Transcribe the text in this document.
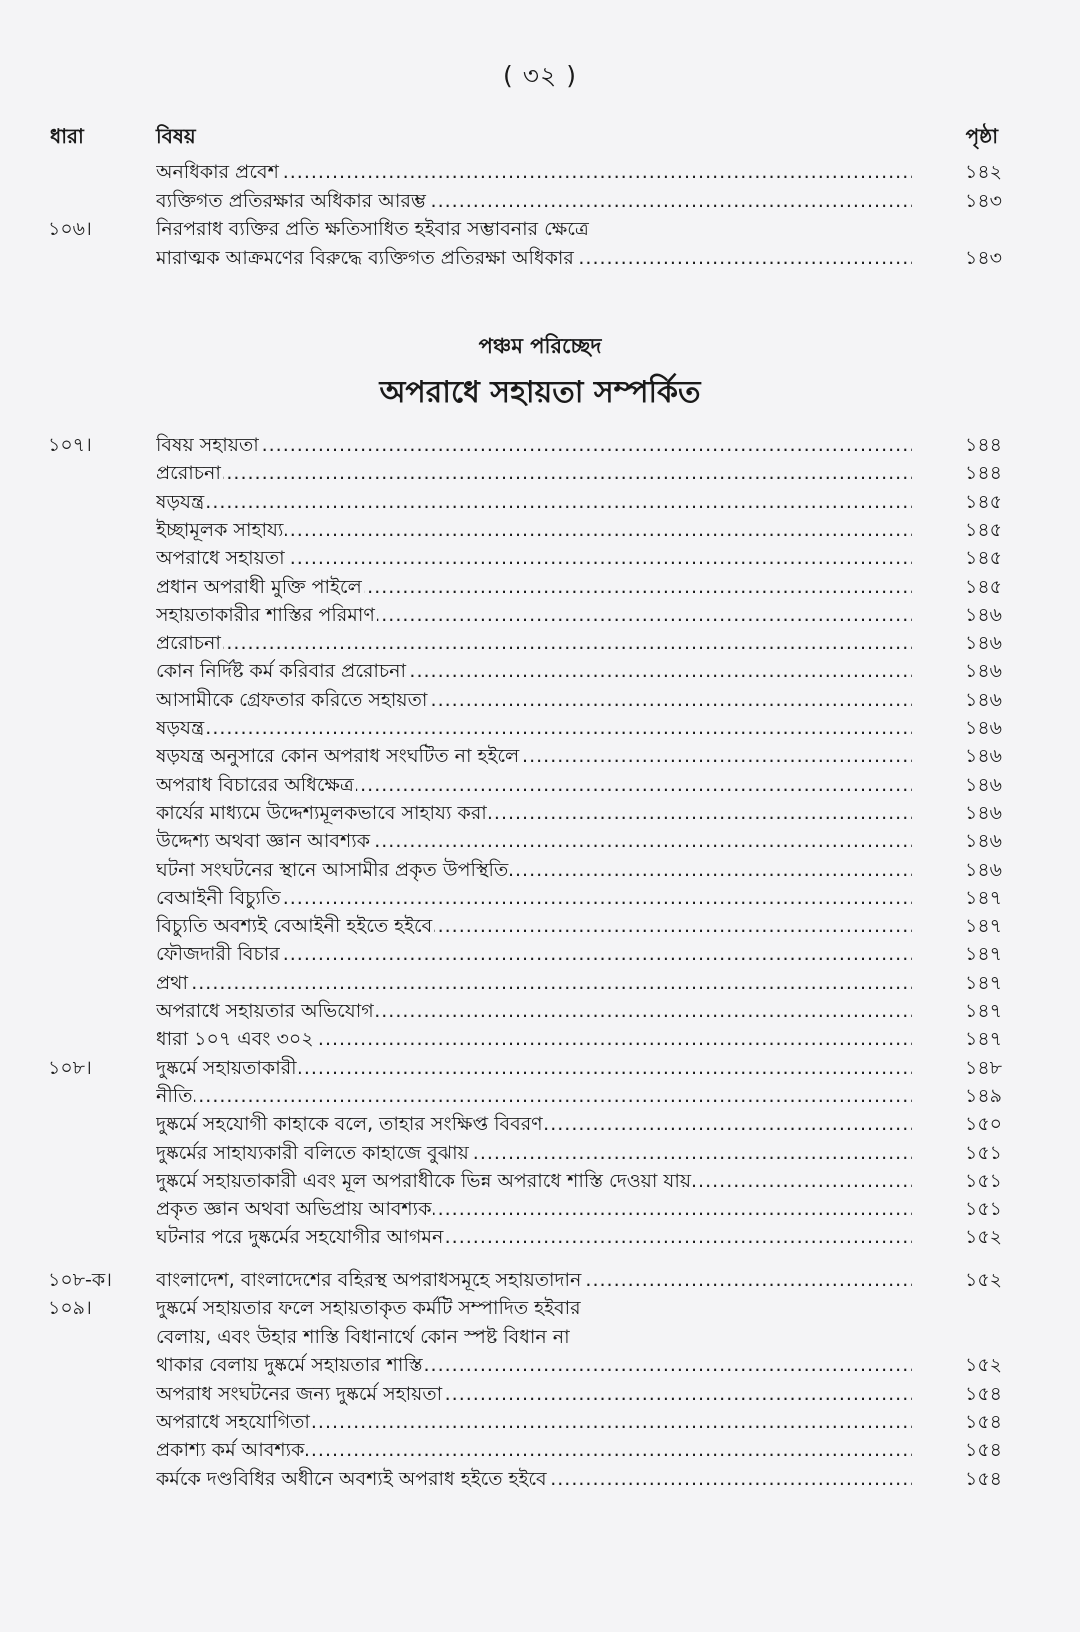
( ৩২ )
ধারা	বিষয়	পৃষ্ঠা
অনধিকার প্রবেশ .....	১৪২
ব্যক্তিগত প্রতিরক্ষার অধিকার আরম্ভ .....	১৪৩
১০৬।	নিরপরাধ ব্যক্তির প্রতি ক্ষতিসাধিত হইবার সম্ভাবনার ক্ষেত্রে
মারাত্মক আক্রমণের বিরুদ্ধে ব্যক্তিগত প্রতিরক্ষা অধিকার .....	১৪৩
পঞ্চম পরিচ্ছেদ
অপরাধে সহায়তা সম্পর্কিত
১০৭।	বিষয় সহায়তা .....	১৪৪
প্ররোচনা .....	১৪৪
ষড়যন্ত্র .....	১৪৫
ইচ্ছামূলক সাহায্য .....	১৪৫
অপরাধে সহায়তা .....	১৪৫
প্রধান অপরাধী মুক্তি পাইলে .....	১৪৫
সহায়তাকারীর শাস্তির পরিমাণ .....	১৪৬
প্ররোচনা .....	১৪৬
কোন নির্দিষ্ট কর্ম করিবার প্ররোচনা .....	১৪৬
আসামীকে গ্রেফতার করিতে সহায়তা .....	১৪৬
ষড়যন্ত্র .....	১৪৬
ষড়যন্ত্র অনুসারে কোন অপরাধ সংঘটিত না হইলে .....	১৪৬
অপরাধ বিচারের অধিক্ষেত্র .....	১৪৬
কার্যের মাধ্যমে উদ্দেশ্যমূলকভাবে সাহায্য করা .....	১৪৬
উদ্দেশ্য অথবা জ্ঞান আবশ্যক .....	১৪৬
ঘটনা সংঘটনের স্থানে আসামীর প্রকৃত উপস্থিতি .....	১৪৬
বেআইনী বিচ্যুতি .....	১৪৭
বিচ্যুতি অবশ্যই বেআইনী হইতে হইবে .....	১৪৭
ফৌজদারী বিচার .....	১৪৭
প্রথা .....	১৪৭
অপরাধে সহায়তার অভিযোগ .....	১৪৭
ধারা ১০৭ এবং ৩০২ .....	১৪৭
১০৮।	দুষ্কর্মে সহায়তাকারী .....	১৪৮
নীতি .....	১৪৯
দুষ্কর্মে সহযোগী কাহাকে বলে, তাহার সংক্ষিপ্ত বিবরণ .....	১৫০
দুষ্কর্মের সাহায্যকারী বলিতে কাহাজে বুঝায় .....	১৫১
দুষ্কর্মে সহায়তাকারী এবং মূল অপরাধীকে ভিন্ন অপরাধে শাস্তি দেওয়া যায় .....	১৫১
প্রকৃত জ্ঞান অথবা অভিপ্রায় আবশ্যক .....	১৫১
ঘটনার পরে দুষ্কর্মের সহযোগীর আগমন .....	১৫২
১০৮-ক।	বাংলাদেশ, বাংলাদেশের বহিরস্থ অপরাধসমূহে সহায়তাদান .....	১৫২
১০৯।	দুষ্কর্মে সহায়তার ফলে সহায়তাকৃত কর্মটি সম্পাদিত হইবার
বেলায়, এবং উহার শাস্তি বিধানার্থে কোন স্পষ্ট বিধান না
থাকার বেলায় দুষ্কর্মে সহায়তার শাস্তি .....	১৫২
অপরাধ সংঘটনের জন্য দুষ্কর্মে সহায়তা .....	১৫৪
অপরাধে সহযোগিতা .....	১৫৪
প্রকাশ্য কর্ম আবশ্যক .....	১৫৪
কর্মকে দণ্ডবিধির অধীনে অবশ্যই অপরাধ হইতে হইবে .....	১৫৪
